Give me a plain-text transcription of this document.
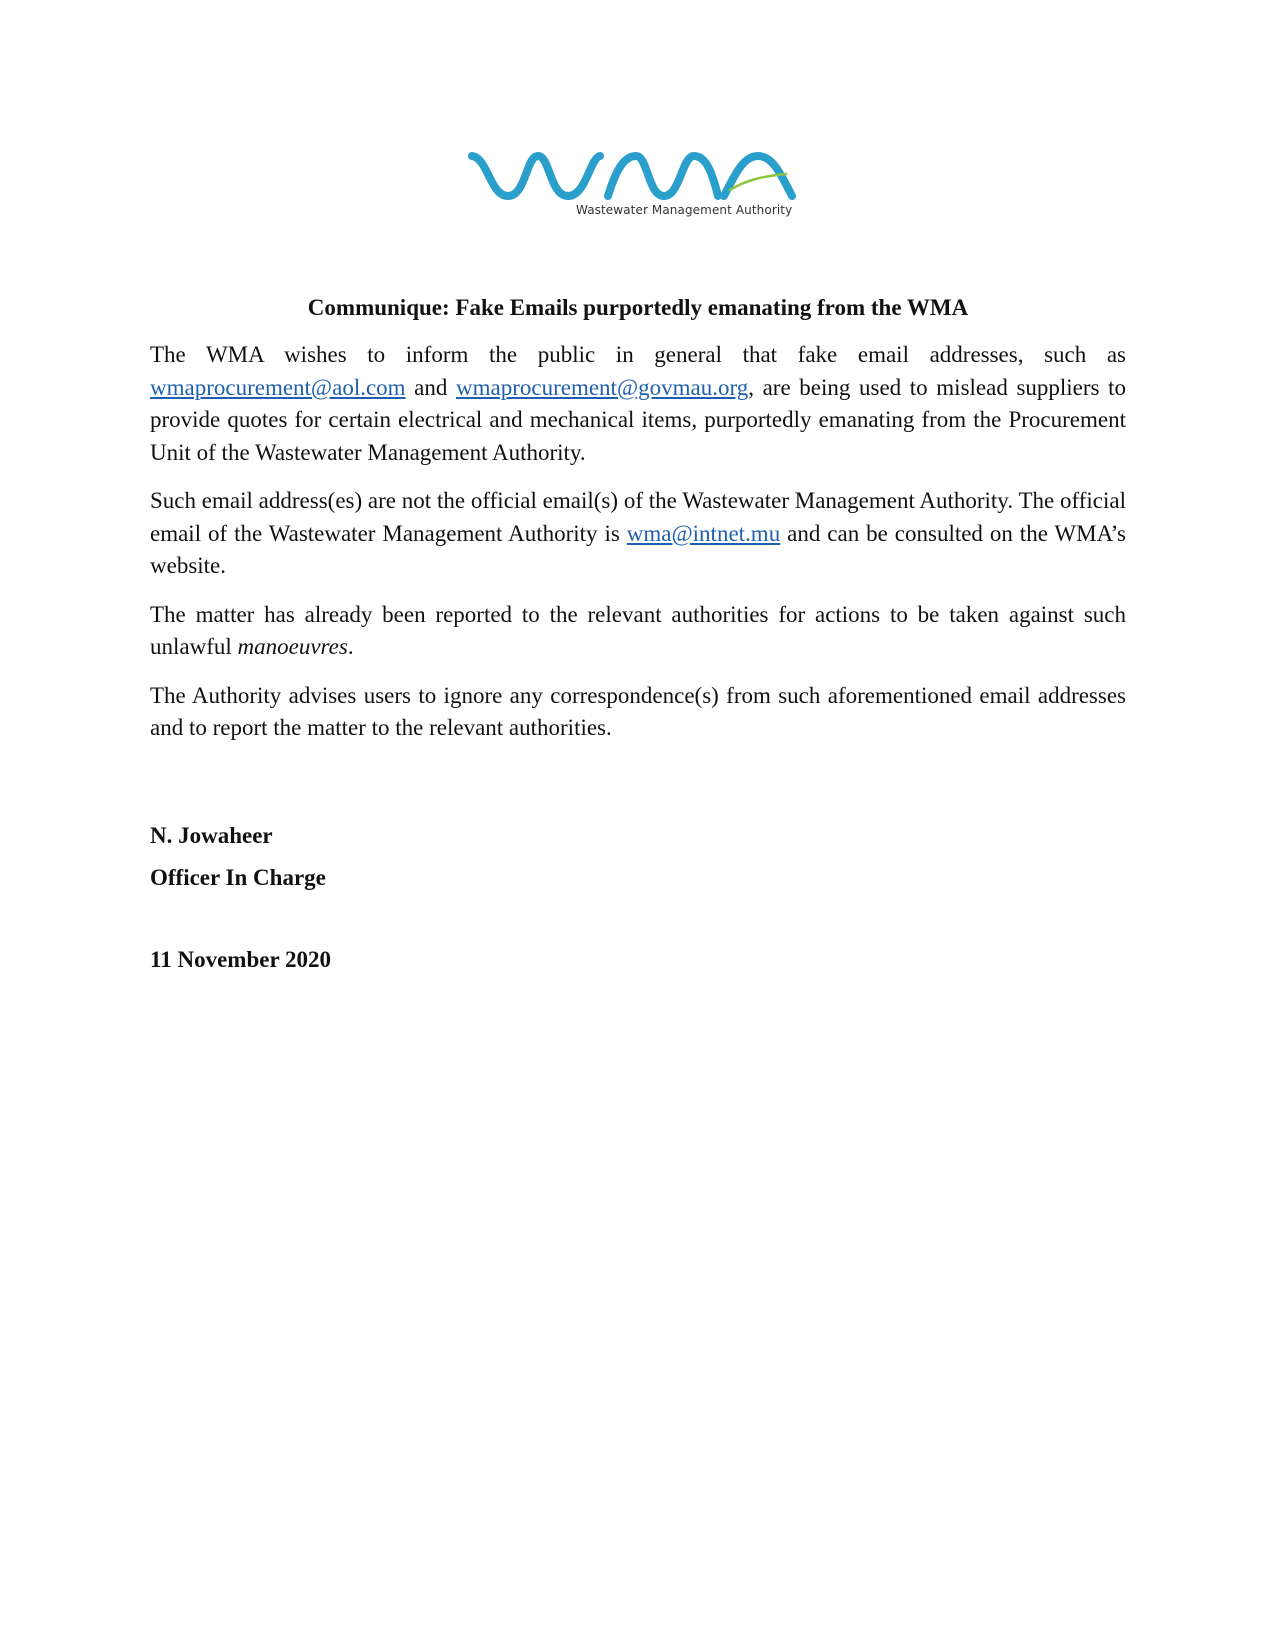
Wastewater Management Authority
Communique: Fake Emails purportedly emanating from the WMA

The WMA wishes to inform the public in general that fake email addresses, such as wmaprocurement@aol.com and wmaprocurement@govmau.org, are being used to mislead suppliers to provide quotes for certain electrical and mechanical items, purportedly emanating from the Procurement Unit of the Wastewater Management Authority.

Such email address(es) are not the official email(s) of the Wastewater Management Authority. The official email of the Wastewater Management Authority is wma@intnet.mu and can be consulted on the WMA’s website.

The matter has already been reported to the relevant authorities for actions to be taken against such unlawful manoeuvres.

The Authority advises users to ignore any correspondence(s) from such aforementioned email addresses and to report the matter to the relevant authorities.

N. Jowaheer
Officer In Charge
11 November 2020
